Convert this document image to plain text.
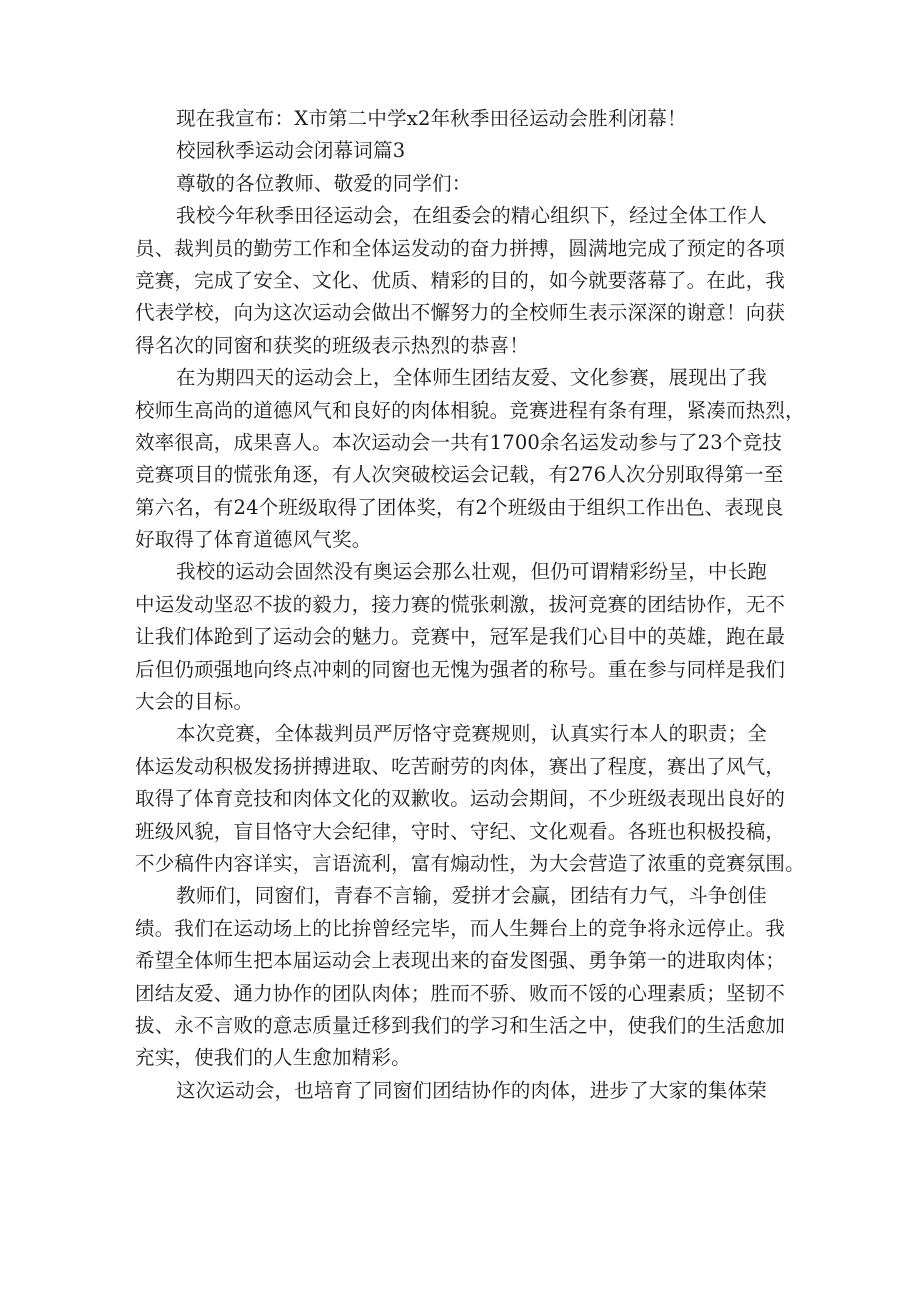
现在我宣布：X市第二中学x2年秋季田径运动会胜利闭幕！

校园秋季运动会闭幕词篇3

尊敬的各位教师、敬爱的同学们：

我校今年秋季田径运动会，在组委会的精心组织下，经过全体工作人

员、裁判员的勤劳工作和全体运发动的奋力拼搏，圆满地完成了预定的各项

竞赛，完成了安全、文化、优质、精彩的目的，如今就要落幕了。在此，我

代表学校，向为这次运动会做出不懈努力的全校师生表示深深的谢意！向获

得名次的同窗和获奖的班级表示热烈的恭喜！

在为期四天的运动会上，全体师生团结友爱、文化参赛，展现出了我

校师生高尚的道德风气和良好的肉体相貌。竞赛进程有条有理，紧凑而热烈，

效率很高，成果喜人。本次运动会一共有1700余名运发动参与了23个竞技

竞赛项目的慌张角逐，有人次突破校运会记载，有276人次分别取得第一至

第六名，有24个班级取得了团体奖，有2个班级由于组织工作出色、表现良

好取得了体育道德风气奖。

我校的运动会固然没有奥运会那么壮观，但仍可谓精彩纷呈，中长跑

中运发动坚忍不拔的毅力，接力赛的慌张刺激，拔河竞赛的团结协作，无不

让我们体跄到了运动会的魅力。竞赛中，冠军是我们心目中的英雄，跑在最

后但仍顽强地向终点冲刺的同窗也无愧为强者的称号。重在参与同样是我们

大会的目标。

本次竞赛，全体裁判员严厉恪守竞赛规则，认真实行本人的职责；全

体运发动积极发扬拼搏进取、吃苦耐劳的肉体，赛出了程度，赛出了风气，

取得了体育竞技和肉体文化的双歉收。运动会期间，不少班级表现出良好的

班级风貌，盲目恪守大会纪律，守时、守纪、文化观看。各班也积极投稿，

不少稿件内容详实，言语流利，富有煽动性，为大会营造了浓重的竞赛氛围。

教师们，同窗们，青春不言输，爱拼才会赢，团结有力气，斗争创佳

绩。我们在运动场上的比拚曾经完毕，而人生舞台上的竞争将永远停止。我

希望全体师生把本届运动会上表现出来的奋发图强、勇争第一的进取肉体；

团结友爱、通力协作的团队肉体；胜而不骄、败而不馁的心理素质；坚韧不

拔、永不言败的意志质量迁移到我们的学习和生活之中，使我们的生活愈加

充实，使我们的人生愈加精彩。

这次运动会，也培育了同窗们团结协作的肉体，进步了大家的集体荣
